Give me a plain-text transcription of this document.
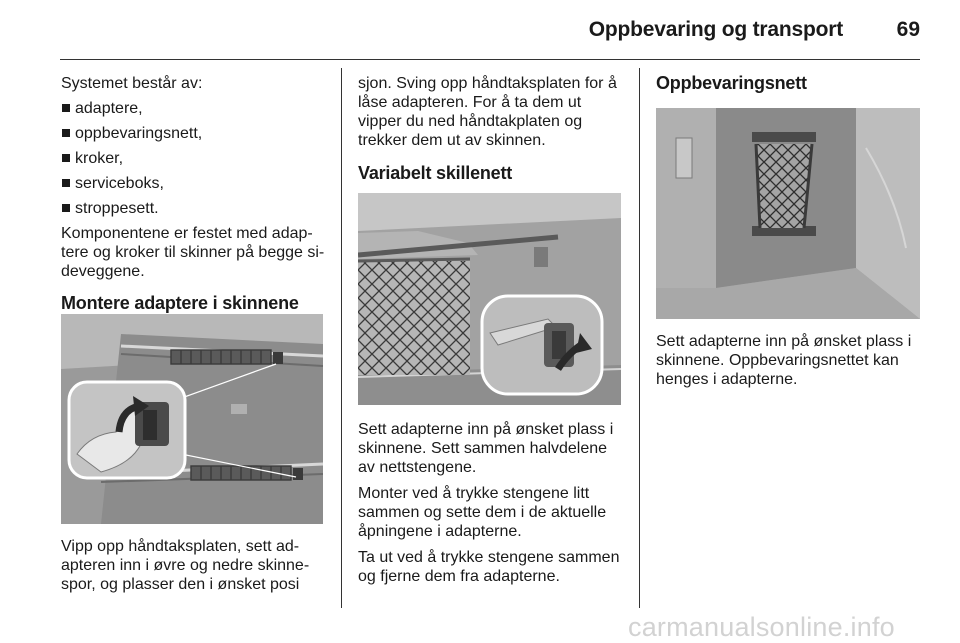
Oppbevaring og transport	69

Systemet består av:

adaptere,
oppbevaringsnett,
kroker,
serviceboks,
stroppesett.

Komponentene er festet med adaptere og kroker til skinner på begge sideveggene.

Montere adaptere i skinnene

Vipp opp håndtaksplaten, sett adapteren inn i øvre og nedre skinnespor, og plasser den i ønsket posi

sjon. Sving opp håndtaksplaten for å låse adapteren. For å ta dem ut vipper du ned håndtakplaten og trekker dem ut av skinnen.

Variabelt skillenett

Sett adapterne inn på ønsket plass i skinnene. Sett sammen halvdelene av nettstengene.

Monter ved å trykke stengene litt sammen og sette dem i de aktuelle åpningene i adapterne.

Ta ut ved å trykke stengene sammen og fjerne dem fra adapterne.

Oppbevaringsnett

Sett adapterne inn på ønsket plass i skinnene. Oppbevaringsnettet kan henges i adapterne.

carmanualsonline.info
